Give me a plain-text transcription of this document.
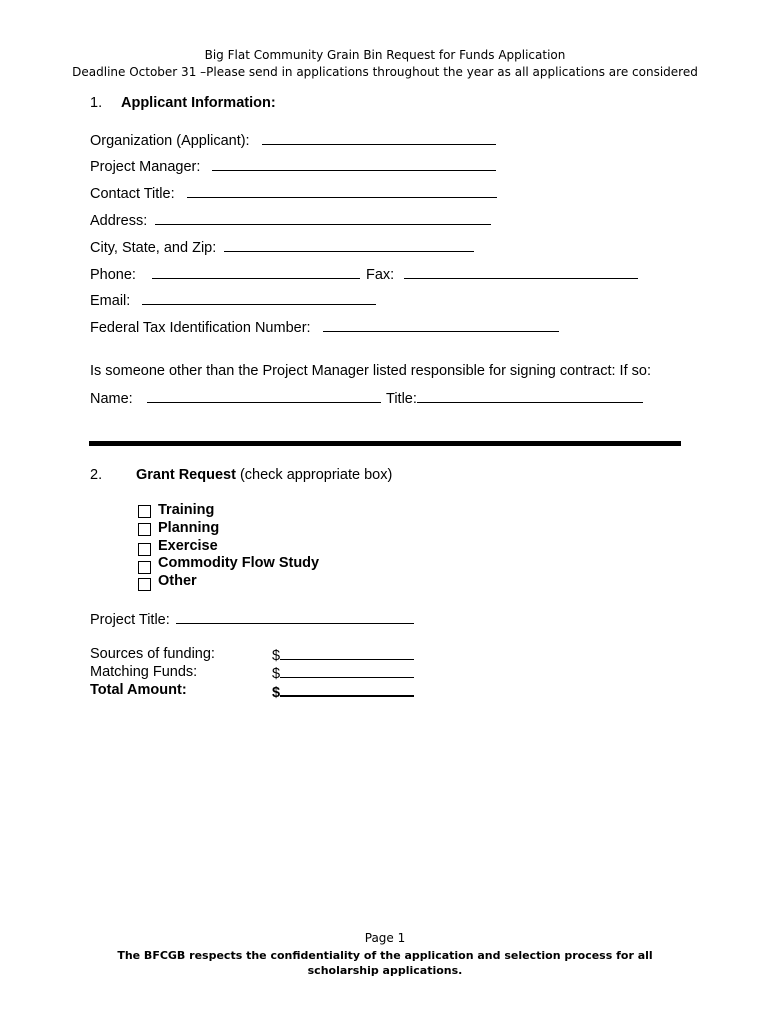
Big Flat Community Grain Bin Request for Funds Application
Deadline October 31 –Please send in applications throughout the year as all applications are considered
1. Applicant Information:
Organization (Applicant):
Project Manager:
Contact Title:
Address:
City, State, and Zip:
Phone:	Fax:
Email:
Federal Tax Identification Number:
Is someone other than the Project Manager listed responsible for signing contract: If so:
Name:	Title:
2. Grant Request (check appropriate box)
Training
Planning
Exercise
Commodity Flow Study
Other
Project Title:
Sources of funding:	$
Matching Funds:	$
Total Amount:	$
Page 1
The BFCGB respects the confidentiality of the application and selection process for all
scholarship applications.
